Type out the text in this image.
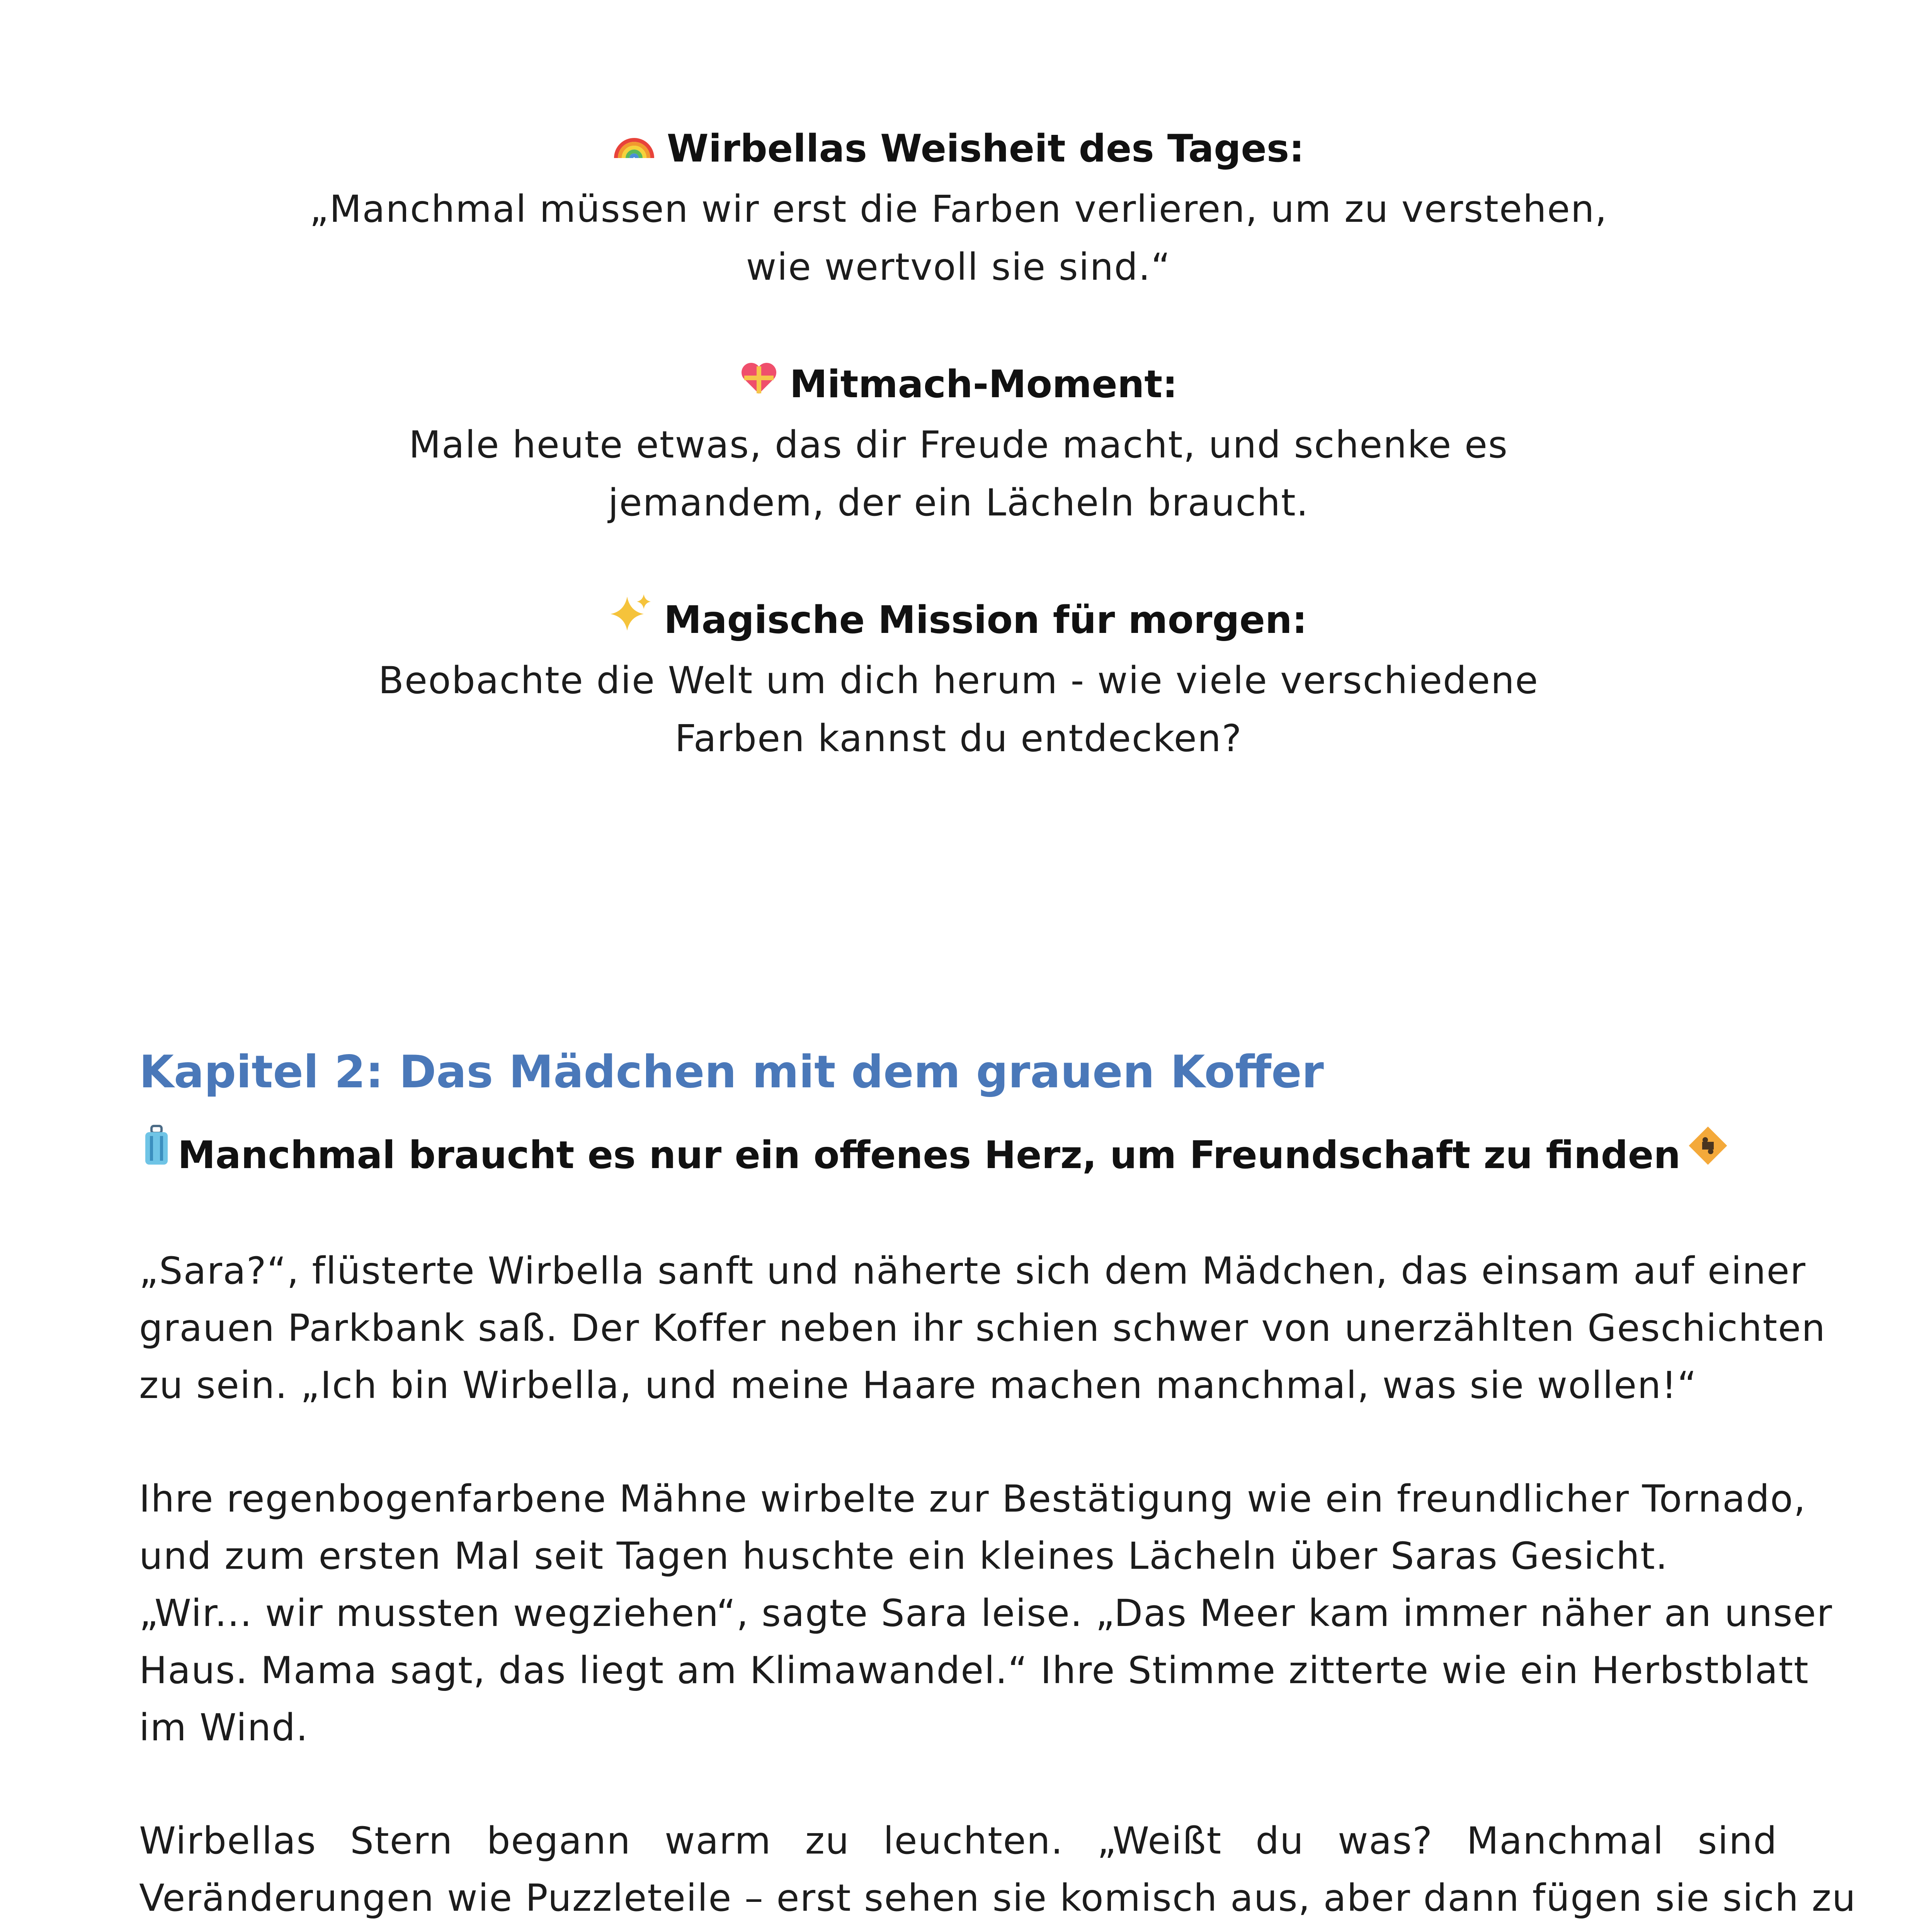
Wirbellas Weisheit des Tages:
„Manchmal müssen wir erst die Farben verlieren, um zu verstehen,
wie wertvoll sie sind.“
Mitmach-Moment:
Male heute etwas, das dir Freude macht, und schenke es
jemandem, der ein Lächeln braucht.
Magische Mission für morgen:
Beobachte die Welt um dich herum - wie viele verschiedene
Farben kannst du entdecken?
Kapitel 2: Das Mädchen mit dem grauen Koffer
Manchmal braucht es nur ein offenes Herz, um Freundschaft zu finden
„Sara?“, flüsterte Wirbella sanft und näherte sich dem Mädchen, das einsam auf einer
grauen Parkbank saß. Der Koffer neben ihr schien schwer von unerzählten Geschichten
zu sein. „Ich bin Wirbella, und meine Haare machen manchmal, was sie wollen!“
Ihre regenbogenfarbene Mähne wirbelte zur Bestätigung wie ein freundlicher Tornado,
und zum ersten Mal seit Tagen huschte ein kleines Lächeln über Saras Gesicht.
„Wir... wir mussten wegziehen“, sagte Sara leise. „Das Meer kam immer näher an unser
Haus. Mama sagt, das liegt am Klimawandel.“ Ihre Stimme zitterte wie ein Herbstblatt
im Wind.
Wirbellas Stern begann warm zu leuchten. „Weißt du was? Manchmal sind
Veränderungen wie Puzzleteile – erst sehen sie komisch aus, aber dann fügen sie sich zu
